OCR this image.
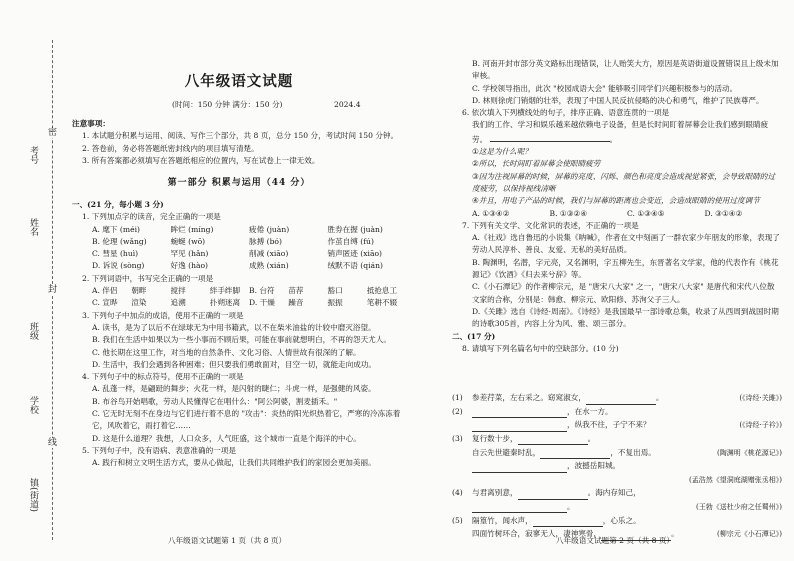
考号
姓名
班级
学校
镇(街道)
密
封
线
八年级语文试题
(时间：150 分钟 满分：150 分)	2024.4
注意事项：
1. 本试题分积累与运用、阅读、写作三个部分，共 8 页，总分 150 分，考试时间 150 分钟。
2. 答卷前，务必将答题纸密封线内的项目填写清楚。
3. 所有答案都必须填写在答题纸相应的位置内，写在试卷上一律无效。
第一部分 积累与运用（44 分）
一、(21 分，每小题 3 分)
1. 下列加点字的读音，完全正确的一项是
A. 麾下 (méi)	眸烂 (míng)	疲倦 (juàn)	胜券在握 (juàn)
B. 伦理 (wǎng)	蜿蜒 (wō)	脉搏 (bó)	作茧自缚 (fú)
C. 彗星 (huì)	罕见 (hǎn)	削减 (xiāo)	销声匿迹 (xiāo)
D. 诉说 (sòng)	好逸 (hào)	成熟 (xián)	绒默不语 (qián)
2. 下列词语中，书写完全正确的一项是
A. 伴侣	朝畔	搅拌	絆手绊脚	B. 台符	苗荐	豁口	抵抢息工
C. 宣晔	渲染	追溯	扑朔迷离	D. 干燥	躁音	振振	笔耕不辍
3. 下列句子中加点的成语，使用不正确的一项是
A. 读书，是为了以后不在绿球无为中用书籍武，以不在柴米油盐的计较中磨灭浴望。
B. 我们在生活中如果以为一些小事而不顾后果，可能在事前就想明白，不再的怨天尤人。
C. 他长期在这里工作，对当地的自然条件、文化习俗、人情世故有很深的了解。
D. 生活中，我们会遇到各种困难；但只要我们勇敢面对，目空一切，就能走向成功。
4. 下列句子中的标点符号，使用不正确的一项是
A. 乱蓬一样，是翩跹的舞步；火花一样，是闪射的睫仁；斗虎一样，是强健的风姿。
B. 布谷鸟开始唱歌，劳动人民懂得它在唱什么："阿公阿婆，割麦插禾。"
C. 它无时无刻不在身边与它们进行着不息的 "攻击"：炎热的阳光炽热着它，严寒的冷冻冻着它，风吹着它，雨打着它……
D. 这是什么道理？我想，人口众多，人气旺盛，这个城市一直是个海洋的中心。
5. 下列句子中，没有语病、表意准确的一项是
A. 践行和树立文明生活方式，要从心做起，让我们共同维护我们的家园会更加美丽。
八年级语文试题第 1 页（共 8 页）
B. 河南开封市部分英文路标出现错误，让人贻笑大方，原因是英语街道设置错误且上级未加审核。
C. 学校领导指出，此次 "校园成语大会" 能够吸引同学们兴趣积极参与的活动。
D. 林则徐虎门销烟的壮举，表现了中国人民反抗侵略的决心和勇气，维护了民族尊严。
6. 依次填入下列横线处的句子，排序正确、语意连贯的一项是
我们的工作、学习和娱乐越来越依赖电子设备，但是长时间盯着屏幕会让我们感到眼睛疲劳。	。
①这是为什么呢？
②所以，长时间盯着屏幕会使眼睛疲劳
③因为注视屏幕的时候，屏幕的亮度、闪烁、颜色和亮度会造成视觉紧张，会导致眼睛的过度疲劳，以保持视线清晰
④并且，用电子产品的时候，我们与屏幕的距离也会变近，会造成眼睛的使用过度调节
A. ①③④②	B. ①③②④	C. ①③④⑤	D. ③①④②
7. 下列有关文学、文化常识的表述，不正确的一项是
A.《社戏》选自鲁迅的小说集《呐喊》，作者在文中刻画了一群农家少年朋友的形象，表现了劳动人民淳朴、善良、友爱、无私的美好品质。
B. 陶渊明，名潜，字元亮，又名渊明，字五柳先生，东晋著名文学家，他的代表作有《桃花源记》《饮酒》《归去来兮辞》等。
C.《小石潭记》的作者柳宗元，是 "唐宋八大家" 之一，"唐宋八大家" 是唐代和宋代八位散文家的合称，分别是：韩愈、柳宗元、欧阳修、苏洵父子三人。
D.《关雎》选自《诗经·周南》。《诗经》是我国最早一部诗歌总集，收录了从西周到战国时期的诗歌305首，内容上分为风、雅、颂三部分。
二、(17 分)
8. 请填写下列名篇名句中的空缺部分。(10 分)
(1)	参差荇菜，左右采之。窈窕淑女，	。	(《诗经·关雎》)
(2)	，在水一方。
，纵我不往，子宁不来？	(《诗经·子衿》)
(3)	复行数十步，	。
自云先世避秦时乱，	，不复出焉。	(陶渊明《桃花源记》)
，波撼岳阳城。
(孟浩然《望洞庭湖赠张丞相》)
(4)	与君离别意，	。海内存知己，
。	(王勃《送杜少府之任蜀州》)
(5)	隔篁竹，闻水声，	，心乐之。
四面竹树环合，寂寥无人，凄神寒骨，	。	(柳宗元《小石潭记》)
八年级语文试题第 2 页（共 8 页）
